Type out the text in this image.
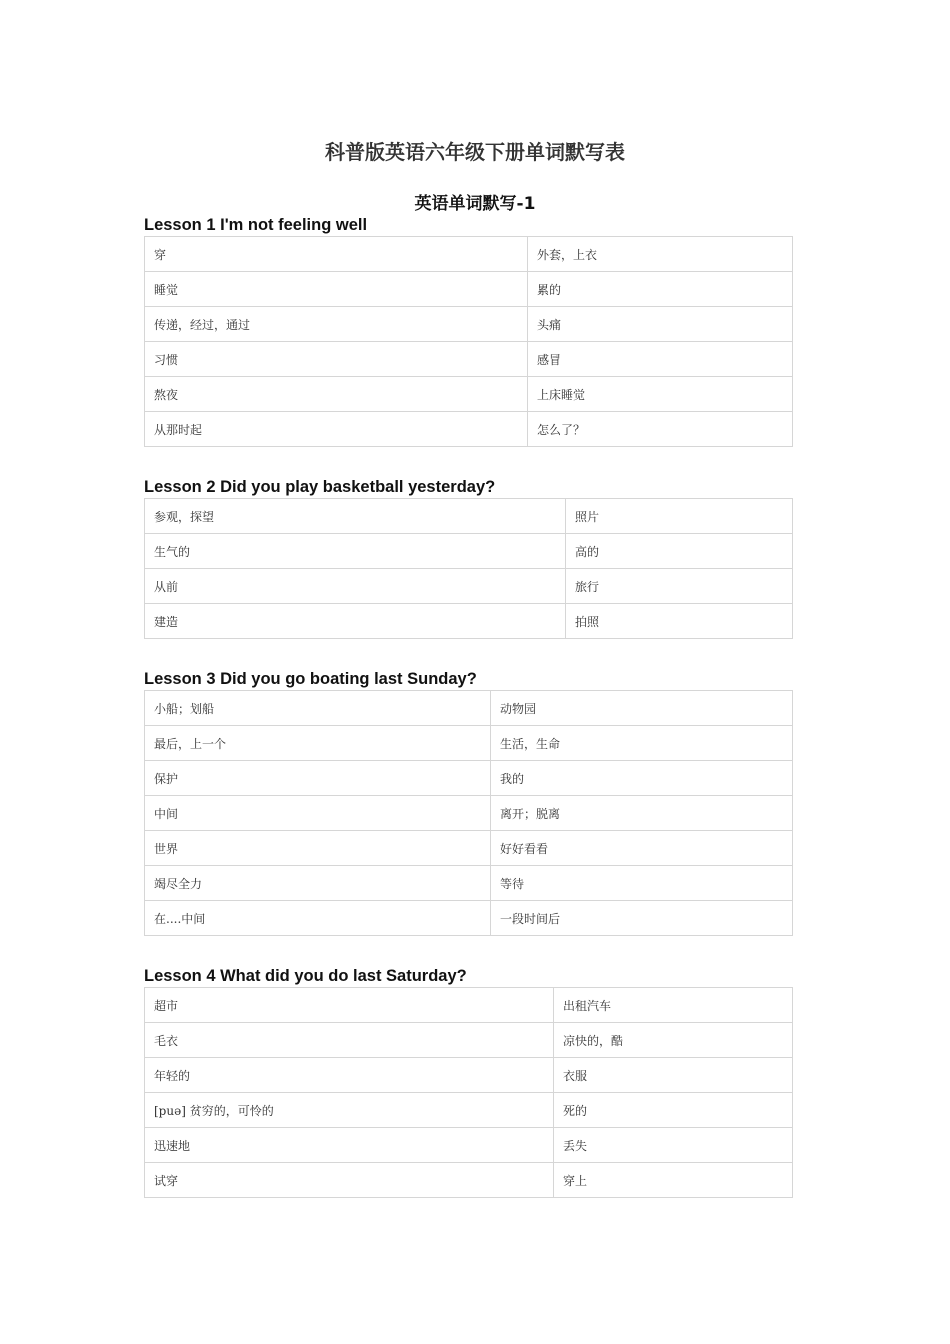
科普版英语六年级下册单词默写表
英语单词默写-1
Lesson 1 I'm not feeling well
穿	外套，上衣
睡觉	累的
传递，经过，通过	头痛
习惯	感冒
熬夜	上床睡觉
从那时起	怎么了？
Lesson 2 Did you play basketball yesterday?
参观，探望	照片
生气的	高的
从前	旅行
建造	拍照
Lesson 3 Did you go boating last Sunday?
小船；划船	动物园
最后，上一个	生活，生命
保护	我的
中间	离开；脱离
世界	好好看看
竭尽全力	等待
在....中间	一段时间后
Lesson 4 What did you do last Saturday?
超市	出租汽车
毛衣	凉快的，酷
年轻的	衣服
[puə] 贫穷的，可怜的	死的
迅速地	丢失
试穿	穿上
